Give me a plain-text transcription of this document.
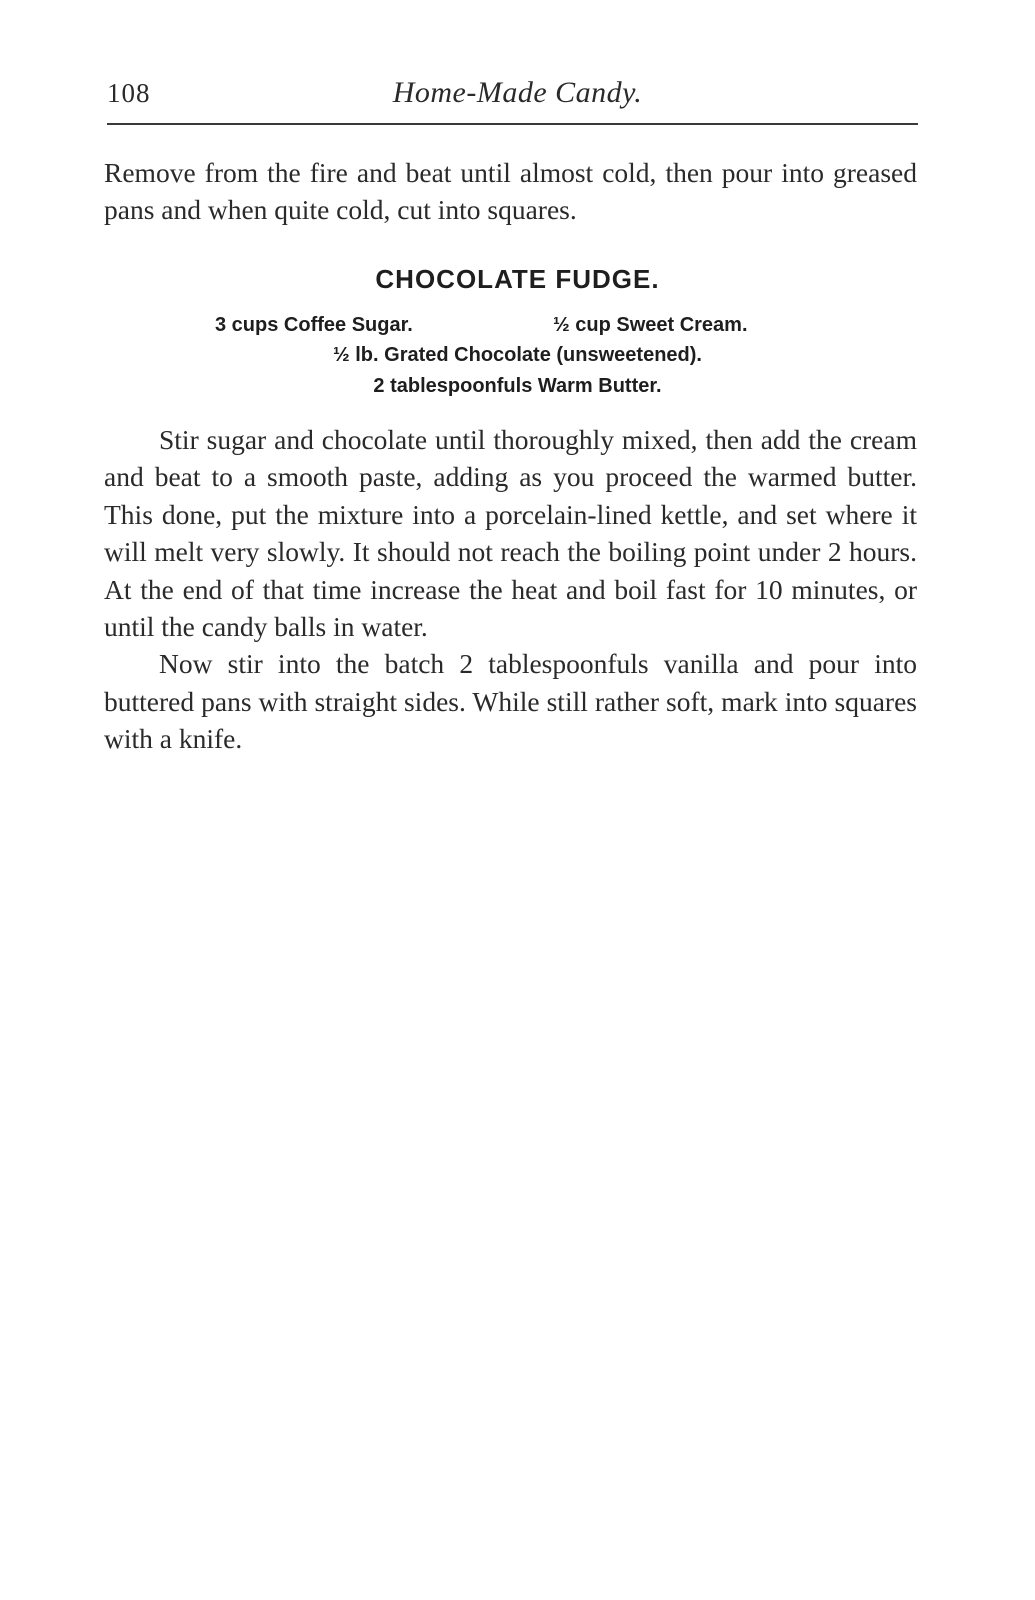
108	Home-Made Candy.
Remove from the fire and beat until almost cold, then pour into greased pans and when quite cold, cut into squares.
CHOCOLATE FUDGE.
3 cups Coffee Sugar.	½ cup Sweet Cream.
½ lb. Grated Chocolate (unsweetened).
2 tablespoonfuls Warm Butter.

Stir sugar and chocolate until thoroughly mixed, then add the cream and beat to a smooth paste, adding as you proceed the warmed butter. This done, put the mixture into a porcelain-lined kettle, and set where it will melt very slowly. It should not reach the boiling point under 2 hours. At the end of that time increase the heat and boil fast for 10 minutes, or until the candy balls in water.

Now stir into the batch 2 tablespoonfuls vanilla and pour into buttered pans with straight sides. While still rather soft, mark into squares with a knife.
